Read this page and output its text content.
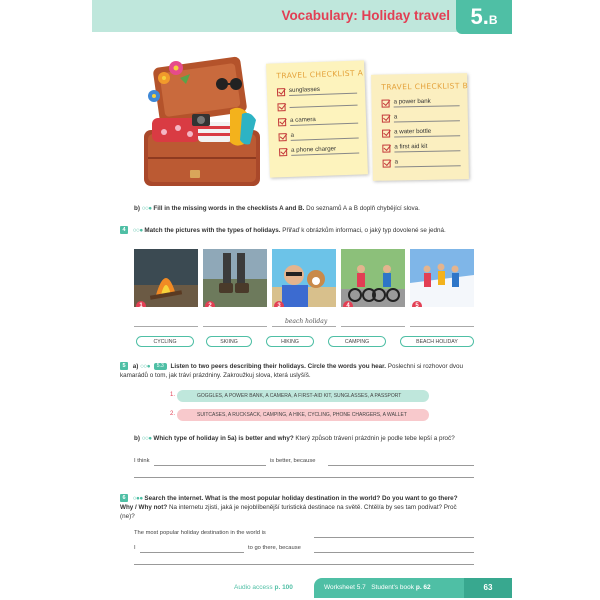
Vocabulary: Holiday travel 5.B
TRAVEL CHECKLIST A
sunglasses
a camera
a
a phone charger
TRAVEL CHECKLIST B
a power bank
a
a water bottle
a first aid kit
a
b) ○○● Fill in the missing words in the checklists A and B. Do seznamů A a B doplň chybějící slova.
4 ○○● Match the pictures with the types of holidays. Přiřaď k obrázkům informaci, o jaký typ dovolené se jedná.
1	2	3	4	5
beach holiday
CYCLING	SKIING	HIKING	CAMPING	BEACH HOLIDAY
5 a) ○○● 5.3 Listen to two peers describing their holidays. Circle the words you hear. Poslechni si rozhovor dvou kamarádů o tom, jak tráví prázdniny. Zakroužkuj slova, která uslyšíš.
1.	GOGGLES, A POWER BANK, A CAMERA, A FIRST-AID KIT, SUNGLASSES, A PASSPORT
2.	SUITCASES, A RUCKSACK, CAMPING, A HIKE, CYCLING, PHONE CHARGERS, A WALLET
b) ○○● Which type of holiday in 5a) is better and why? Který způsob trávení prázdnin je podle tebe lepší a proč?
I think	is better, because
6 ○●● Search the internet. What is the most popular holiday destination in the world? Do you want to go there? Why / Why not? Na internetu zjisti, jaká je nejoblíbenější turistická destinace na světě. Chtěl/a by ses tam podívat? Proč (ne)?
The most popular holiday destination in the world is
I	to go there, because
Audio access p. 100	Worksheet 5.7 Student's book p. 62	63
